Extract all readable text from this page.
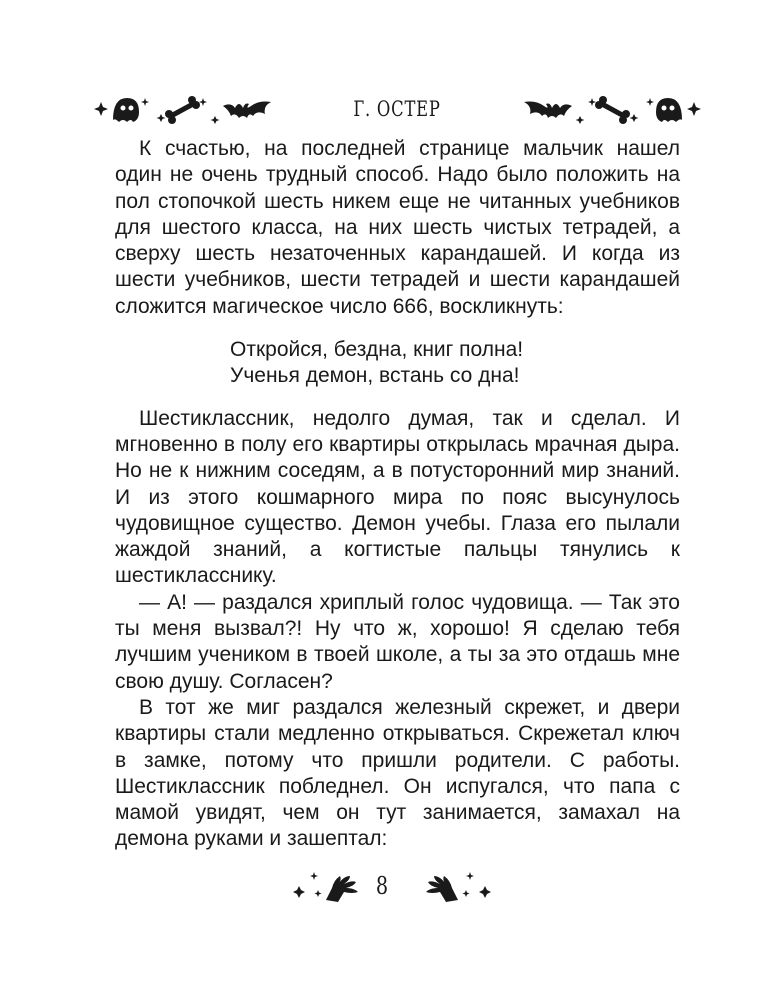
Г. ОСТЕР

К счастью, на последней странице мальчик нашел один не очень трудный способ. Надо было положить на пол стопочкой шесть никем еще не читанных учебников для шестого класса, на них шесть чистых тетрадей, а сверху шесть незаточенных карандашей. И когда из шести учебников, шести тетрадей и шести карандашей сложится магическое число 666, воскликнуть:

Откройся, бездна, книг полна!
Ученья демон, встань со дна!

Шестиклассник, недолго думая, так и сделал. И мгновенно в полу его квартиры открылась мрачная дыра. Но не к нижним соседям, а в потусторонний мир знаний. И из этого кошмарного мира по пояс высунулось чудовищное существо. Демон учебы. Глаза его пылали жаждой знаний, а когтистые пальцы тянулись к шестикласснику.

— А! — раздался хриплый голос чудовища. — Так это ты меня вызвал?! Ну что ж, хорошо! Я сделаю тебя лучшим учеником в твоей школе, а ты за это отдашь мне свою душу. Согласен?

В тот же миг раздался железный скрежет, и двери квартиры стали медленно открываться. Скрежетал ключ в замке, потому что пришли родители. С работы. Шестиклассник побледнел. Он испугался, что папа с мамой увидят, чем он тут занимается, замахал на демона руками и зашептал:

8
